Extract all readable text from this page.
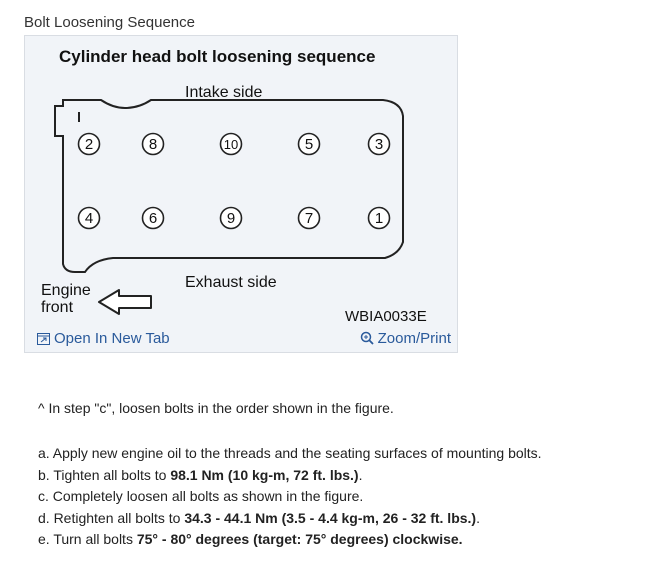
Bolt Loosening Sequence
Cylinder head bolt loosening sequence
Intake side
2	8	10	5	3
4	6	9	7	1
Exhaust side
Engine
front
WBIA0033E
Open In New Tab	Zoom/Print
^ In step "c", loosen bolts in the order shown in the figure.
a. Apply new engine oil to the threads and the seating surfaces of mounting bolts.
b. Tighten all bolts to 98.1 Nm (10 kg-m, 72 ft. lbs.).
c. Completely loosen all bolts as shown in the figure.
d. Retighten all bolts to 34.3 - 44.1 Nm (3.5 - 4.4 kg-m, 26 - 32 ft. lbs.).
e. Turn all bolts 75° - 80° degrees (target: 75° degrees) clockwise.
